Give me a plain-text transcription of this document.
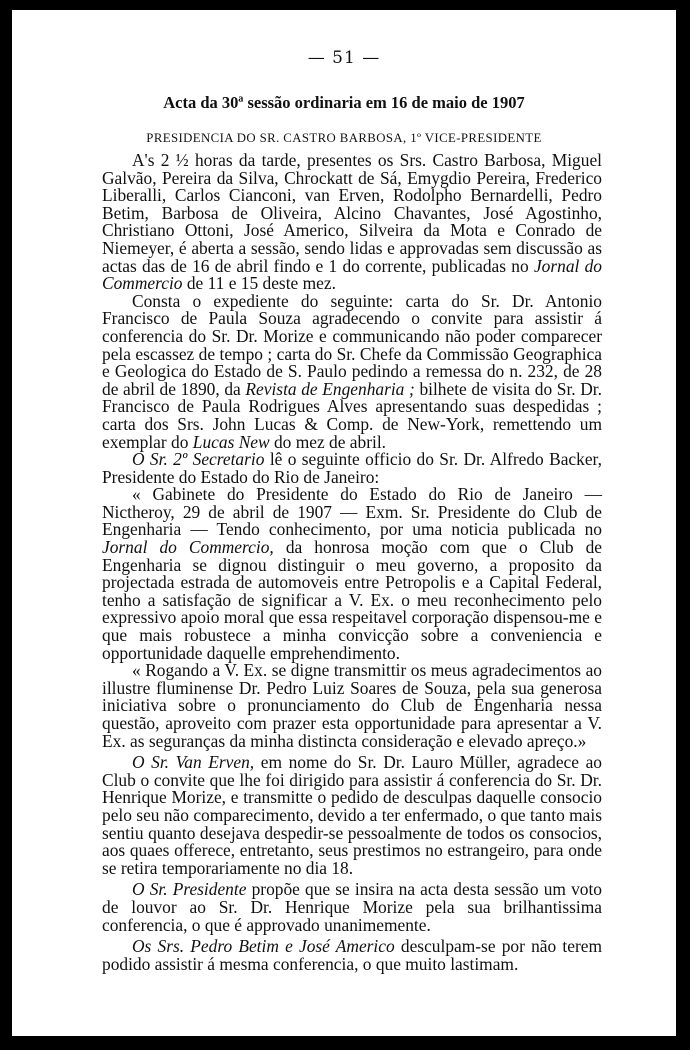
— 51 —
Acta da 30ª sessão ordinaria em 16 de maio de 1907
PRESIDENCIA DO SR. CASTRO BARBOSA, 1º VICE-PRESIDENTE

A's 2 ½ horas da tarde, presentes os Srs. Castro Barbosa, Miguel Galvão, Pereira da Silva, Chrockatt de Sá, Emygdio Pereira, Frederico Liberalli, Carlos Cianconi, van Erven, Rodolpho Bernardelli, Pedro Betim, Barbosa de Oliveira, Alcino Chavantes, José Agostinho, Christiano Ottoni, José Americo, Silveira da Mota e Conrado de Niemeyer, é aberta a sessão, sendo lidas e approvadas sem discussão as actas das de 16 de abril findo e 1 do corrente, publicadas no Jornal do Commercio de 11 e 15 deste mez.

Consta o expediente do seguinte: carta do Sr. Dr. Antonio Francisco de Paula Souza agradecendo o convite para assistir á conferencia do Sr. Dr. Morize e communicando não poder comparecer pela escassez de tempo ; carta do Sr. Chefe da Commissão Geographica e Geologica do Estado de S. Paulo pedindo a remessa do n. 232, de 28 de abril de 1890, da Revista de Engenharia ; bilhete de visita do Sr. Dr. Francisco de Paula Rodrigues Alves apresentando suas despedidas ; carta dos Srs. John Lucas & Comp. de New-York, remettendo um exemplar do Lucas New do mez de abril.

O Sr. 2º Secretario lê o seguinte officio do Sr. Dr. Alfredo Backer, Presidente do Estado do Rio de Janeiro:

« Gabinete do Presidente do Estado do Rio de Janeiro — Nictheroy, 29 de abril de 1907 — Exm. Sr. Presidente do Club de Engenharia — Tendo conhecimento, por uma noticia publicada no Jornal do Commercio, da honrosa moção com que o Club de Engenharia se dignou distinguir o meu governo, a proposito da projectada estrada de automoveis entre Petropolis e a Capital Federal, tenho a satisfação de significar a V. Ex. o meu reconhecimento pelo expressivo apoio moral que essa respeitavel corporação dispensou-me e que mais robustece a minha convicção sobre a conveniencia e opportunidade daquelle emprehendimento.

« Rogando a V. Ex. se digne transmittir os meus agradecimentos ao illustre fluminense Dr. Pedro Luiz Soares de Souza, pela sua generosa iniciativa sobre o pronunciamento do Club de Engenharia nessa questão, aproveito com prazer esta opportunidade para apresentar a V. Ex. as seguranças da minha distincta consideração e elevado apreço.»

O Sr. Van Erven, em nome do Sr. Dr. Lauro Müller, agradece ao Club o convite que lhe foi dirigido para assistir á conferencia do Sr. Dr. Henrique Morize, e transmitte o pedido de desculpas daquelle consocio pelo seu não comparecimento, devido a ter enfermado, o que tanto mais sentiu quanto desejava despedir-se pessoalmente de todos os consocios, aos quaes offerece, entretanto, seus prestimos no estrangeiro, para onde se retira temporariamente no dia 18.

O Sr. Presidente propõe que se insira na acta desta sessão um voto de louvor ao Sr. Dr. Henrique Morize pela sua brilhantissima conferencia, o que é approvado unanimemente.

Os Srs. Pedro Betim e José Americo desculpam-se por não terem podido assistir á mesma conferencia, o que muito lastimam.
